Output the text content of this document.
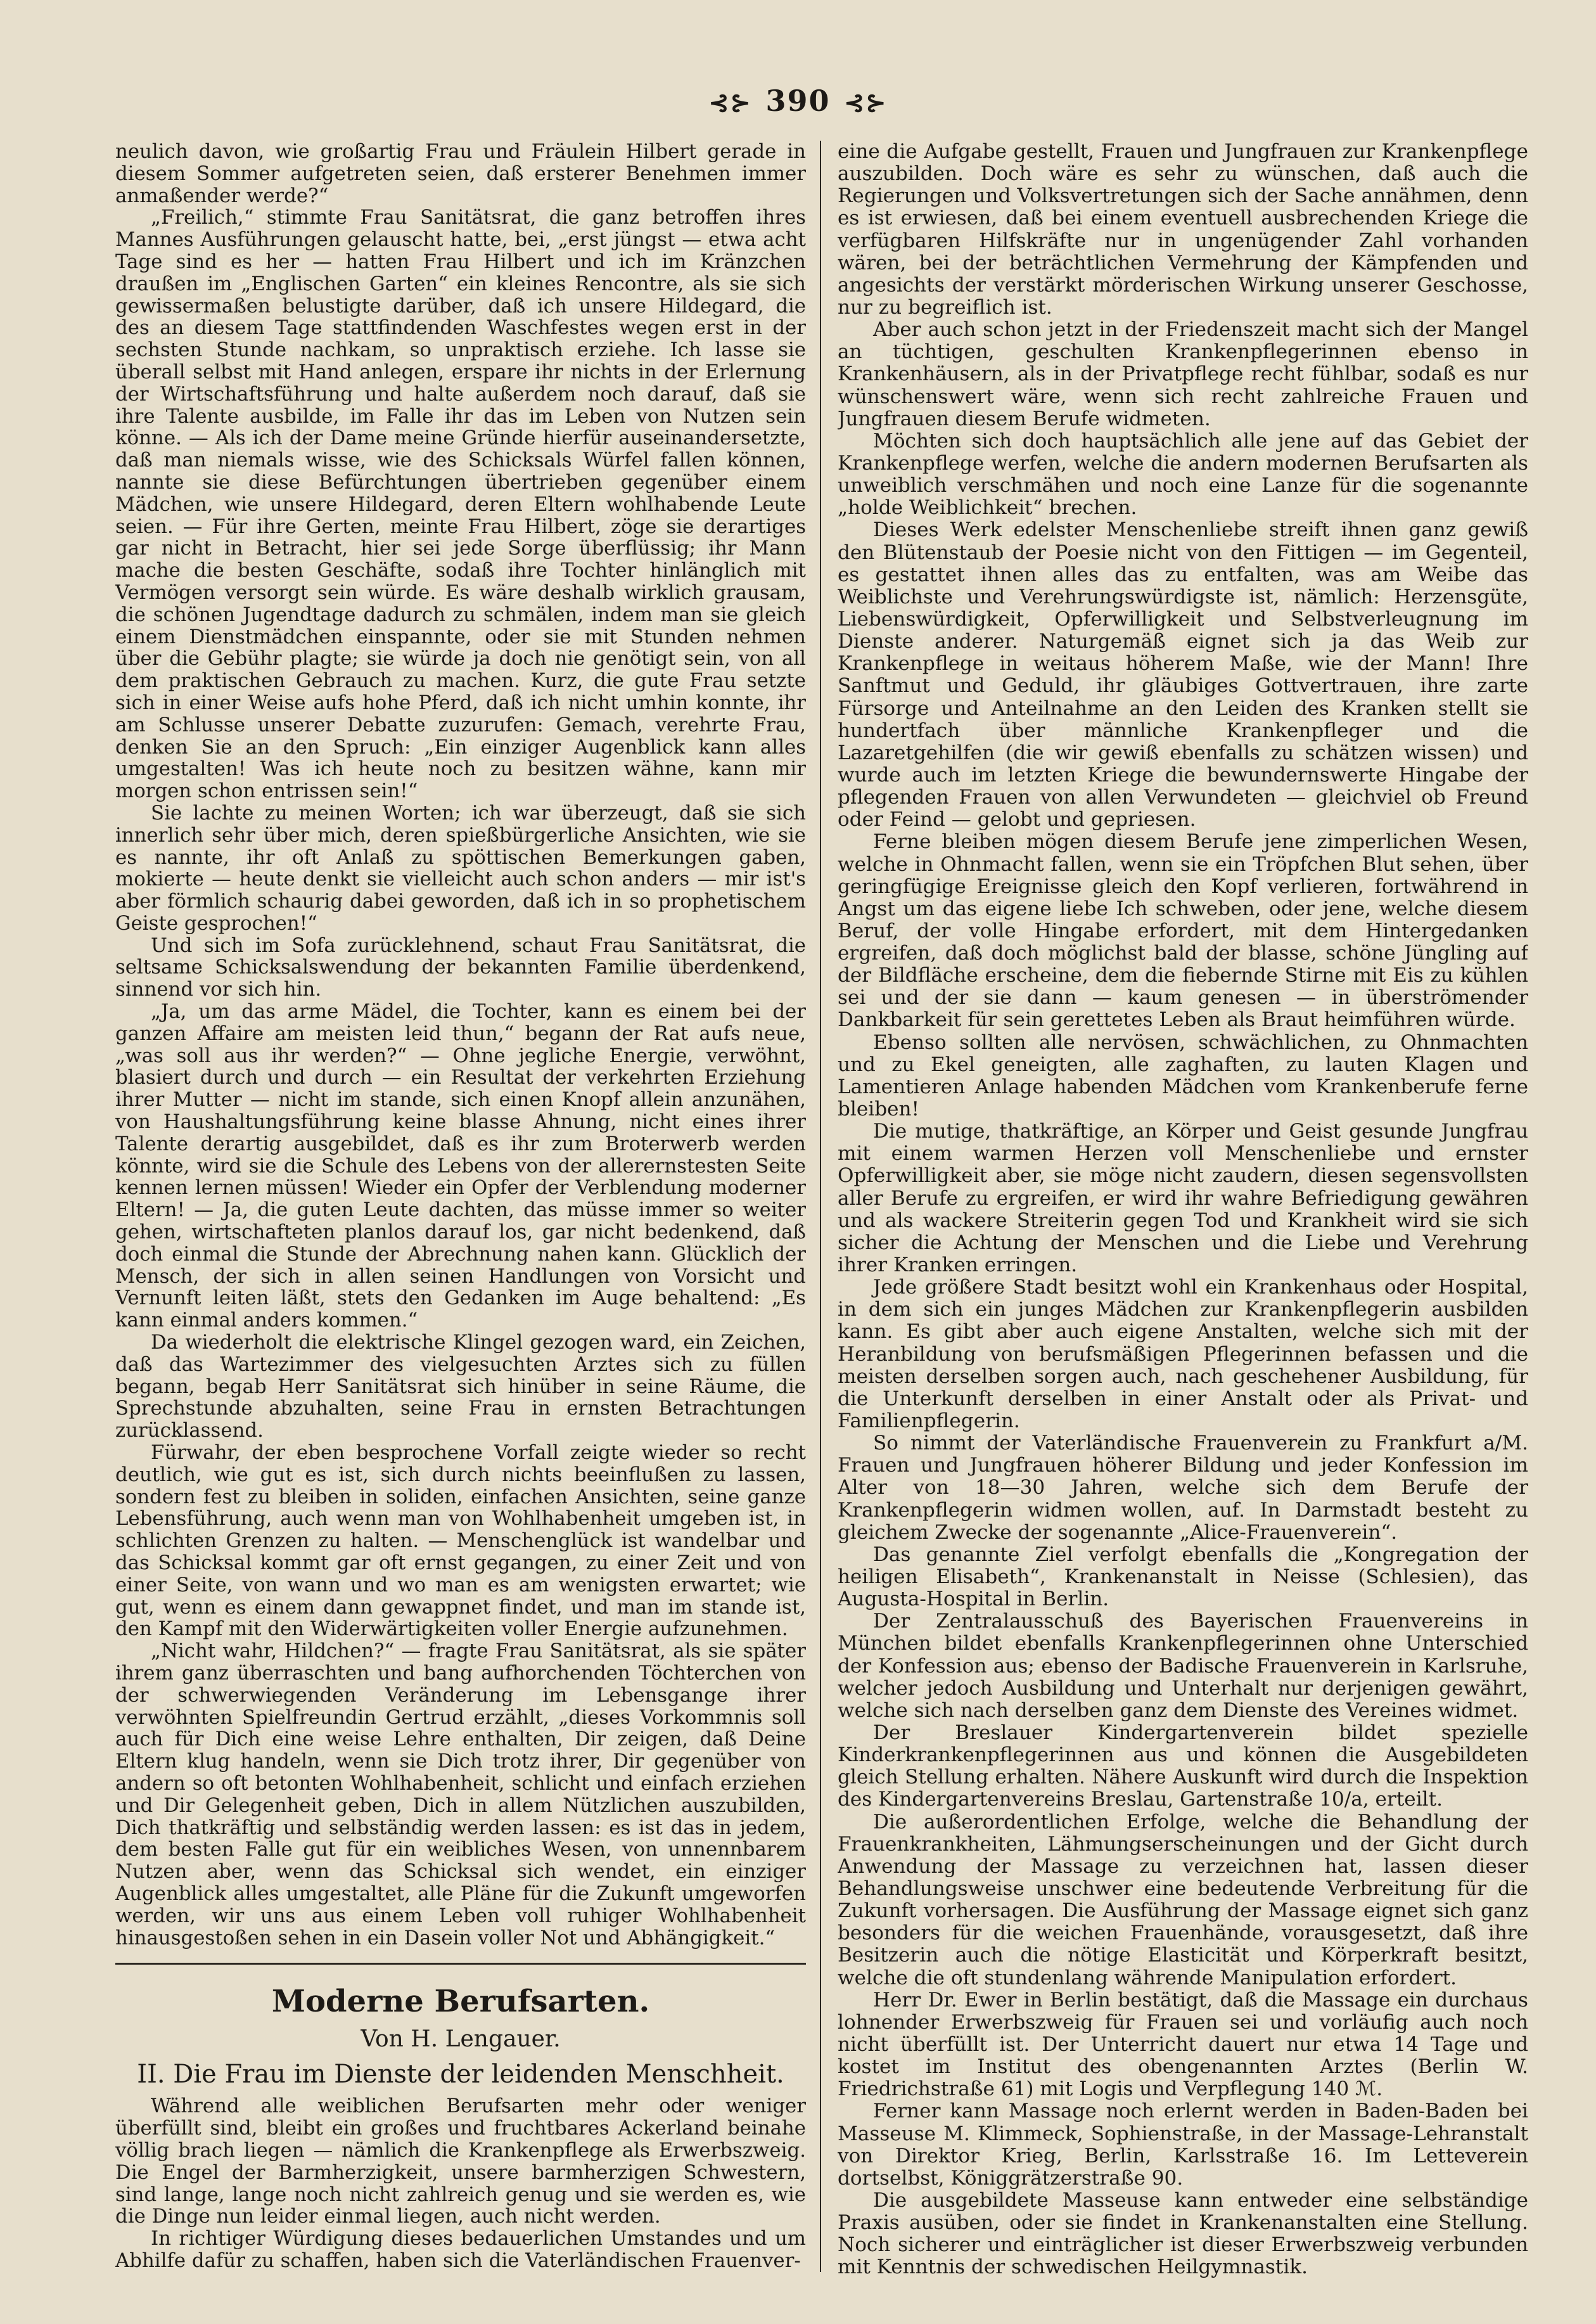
⊰⊱ 390 ⊰⊱

neulich davon, wie großartig Frau und Fräulein Hilbert gerade in diesem Sommer aufgetreten seien, daß ersterer Benehmen immer anmaßender werde?“

„Freilich,“ stimmte Frau Sanitätsrat, die ganz betroffen ihres Mannes Ausführungen gelauscht hatte, bei, „erst jüngst — etwa acht Tage sind es her — hatten Frau Hilbert und ich im Kränzchen draußen im „Englischen Garten“ ein kleines Rencontre, als sie sich gewissermaßen belustigte darüber, daß ich unsere Hildegard, die des an diesem Tage stattfindenden Waschfestes wegen erst in der sechsten Stunde nachkam, so unpraktisch erziehe. Ich lasse sie überall selbst mit Hand anlegen, erspare ihr nichts in der Erlernung der Wirtschaftsführung und halte außerdem noch darauf, daß sie ihre Talente ausbilde, im Falle ihr das im Leben von Nutzen sein könne. — Als ich der Dame meine Gründe hierfür auseinandersetzte, daß man niemals wisse, wie des Schicksals Würfel fallen können, nannte sie diese Befürchtungen übertrieben gegenüber einem Mädchen, wie unsere Hildegard, deren Eltern wohlhabende Leute seien. — Für ihre Gerten, meinte Frau Hilbert, zöge sie derartiges gar nicht in Betracht, hier sei jede Sorge überflüssig; ihr Mann mache die besten Geschäfte, sodaß ihre Tochter hinlänglich mit Vermögen versorgt sein würde. Es wäre deshalb wirklich grausam, die schönen Jugendtage dadurch zu schmälen, indem man sie gleich einem Dienstmädchen einspannte, oder sie mit Stunden nehmen über die Gebühr plagte; sie würde ja doch nie genötigt sein, von all dem praktischen Gebrauch zu machen. Kurz, die gute Frau setzte sich in einer Weise aufs hohe Pferd, daß ich nicht umhin konnte, ihr am Schlusse unserer Debatte zuzurufen: Gemach, verehrte Frau, denken Sie an den Spruch: „Ein einziger Augenblick kann alles umgestalten! Was ich heute noch zu besitzen wähne, kann mir morgen schon entrissen sein!“

Sie lachte zu meinen Worten; ich war überzeugt, daß sie sich innerlich sehr über mich, deren spießbürgerliche Ansichten, wie sie es nannte, ihr oft Anlaß zu spöttischen Bemerkungen gaben, mokierte — heute denkt sie vielleicht auch schon anders — mir ist's aber förmlich schaurig dabei geworden, daß ich in so prophetischem Geiste gesprochen!“

Und sich im Sofa zurücklehnend, schaut Frau Sanitätsrat, die seltsame Schicksalswendung der bekannten Familie überdenkend, sinnend vor sich hin.

„Ja, um das arme Mädel, die Tochter, kann es einem bei der ganzen Affaire am meisten leid thun,“ begann der Rat aufs neue, „was soll aus ihr werden?“ — Ohne jegliche Energie, verwöhnt, blasiert durch und durch — ein Resultat der verkehrten Erziehung ihrer Mutter — nicht im stande, sich einen Knopf allein anzunähen, von Haushaltungsführung keine blasse Ahnung, nicht eines ihrer Talente derartig ausgebildet, daß es ihr zum Broterwerb werden könnte, wird sie die Schule des Lebens von der allerernstesten Seite kennen lernen müssen! Wieder ein Opfer der Verblendung moderner Eltern! — Ja, die guten Leute dachten, das müsse immer so weiter gehen, wirtschafteten planlos darauf los, gar nicht bedenkend, daß doch einmal die Stunde der Abrechnung nahen kann. Glücklich der Mensch, der sich in allen seinen Handlungen von Vorsicht und Vernunft leiten läßt, stets den Gedanken im Auge behaltend: „Es kann einmal anders kommen.“

Da wiederholt die elektrische Klingel gezogen ward, ein Zeichen, daß das Wartezimmer des vielgesuchten Arztes sich zu füllen begann, begab Herr Sanitätsrat sich hinüber in seine Räume, die Sprechstunde abzuhalten, seine Frau in ernsten Betrachtungen zurücklassend.

Fürwahr, der eben besprochene Vorfall zeigte wieder so recht deutlich, wie gut es ist, sich durch nichts beeinflußen zu lassen, sondern fest zu bleiben in soliden, einfachen Ansichten, seine ganze Lebensführung, auch wenn man von Wohlhabenheit umgeben ist, in schlichten Grenzen zu halten. — Menschenglück ist wandelbar und das Schicksal kommt gar oft ernst gegangen, zu einer Zeit und von einer Seite, von wann und wo man es am wenigsten erwartet; wie gut, wenn es einem dann gewappnet findet, und man im stande ist, den Kampf mit den Widerwärtigkeiten voller Energie aufzunehmen.

„Nicht wahr, Hildchen?“ — fragte Frau Sanitätsrat, als sie später ihrem ganz überraschten und bang aufhorchenden Töchterchen von der schwerwiegenden Veränderung im Lebensgange ihrer verwöhnten Spielfreundin Gertrud erzählt, „dieses Vorkommnis soll auch für Dich eine weise Lehre enthalten, Dir zeigen, daß Deine Eltern klug handeln, wenn sie Dich trotz ihrer, Dir gegenüber von andern so oft betonten Wohlhabenheit, schlicht und einfach erziehen und Dir Gelegenheit geben, Dich in allem Nützlichen auszubilden, Dich thatkräftig und selbständig werden lassen: es ist das in jedem, dem besten Falle gut für ein weibliches Wesen, von unnennbarem Nutzen aber, wenn das Schicksal sich wendet, ein einziger Augenblick alles umgestaltet, alle Pläne für die Zukunft umgeworfen werden, wir uns aus einem Leben voll ruhiger Wohlhabenheit hinausgestoßen sehen in ein Dasein voller Not und Abhängigkeit.“

Moderne Berufsarten.
Von H. Lengauer.
II. Die Frau im Dienste der leidenden Menschheit.

Während alle weiblichen Berufsarten mehr oder weniger überfüllt sind, bleibt ein großes und fruchtbares Ackerland beinahe völlig brach liegen — nämlich die Krankenpflege als Erwerbszweig. Die Engel der Barmherzigkeit, unsere barmherzigen Schwestern, sind lange, lange noch nicht zahlreich genug und sie werden es, wie die Dinge nun leider einmal liegen, auch nicht werden.

In richtiger Würdigung dieses bedauerlichen Umstandes und um Abhilfe dafür zu schaffen, haben sich die Vaterländischen Frauenver-

eine die Aufgabe gestellt, Frauen und Jungfrauen zur Krankenpflege auszubilden. Doch wäre es sehr zu wünschen, daß auch die Regierungen und Volksvertretungen sich der Sache annähmen, denn es ist erwiesen, daß bei einem eventuell ausbrechenden Kriege die verfügbaren Hilfskräfte nur in ungenügender Zahl vorhanden wären, bei der beträchtlichen Vermehrung der Kämpfenden und angesichts der verstärkt mörderischen Wirkung unserer Geschosse, nur zu begreiflich ist.

Aber auch schon jetzt in der Friedenszeit macht sich der Mangel an tüchtigen, geschulten Krankenpflegerinnen ebenso in Krankenhäusern, als in der Privatpflege recht fühlbar, sodaß es nur wünschenswert wäre, wenn sich recht zahlreiche Frauen und Jungfrauen diesem Berufe widmeten.

Möchten sich doch hauptsächlich alle jene auf das Gebiet der Krankenpflege werfen, welche die andern modernen Berufsarten als unweiblich verschmähen und noch eine Lanze für die sogenannte „holde Weiblichkeit“ brechen.

Dieses Werk edelster Menschenliebe streift ihnen ganz gewiß den Blütenstaub der Poesie nicht von den Fittigen — im Gegenteil, es gestattet ihnen alles das zu entfalten, was am Weibe das Weiblichste und Verehrungswürdigste ist, nämlich: Herzensgüte, Liebenswürdigkeit, Opferwilligkeit und Selbstverleugnung im Dienste anderer. Naturgemäß eignet sich ja das Weib zur Krankenpflege in weitaus höherem Maße, wie der Mann! Ihre Sanftmut und Geduld, ihr gläubiges Gottvertrauen, ihre zarte Fürsorge und Anteilnahme an den Leiden des Kranken stellt sie hundertfach über männliche Krankenpfleger und die Lazaretgehilfen (die wir gewiß ebenfalls zu schätzen wissen) und wurde auch im letzten Kriege die bewundernswerte Hingabe der pflegenden Frauen von allen Verwundeten — gleichviel ob Freund oder Feind — gelobt und gepriesen.

Ferne bleiben mögen diesem Berufe jene zimperlichen Wesen, welche in Ohnmacht fallen, wenn sie ein Tröpfchen Blut sehen, über geringfügige Ereignisse gleich den Kopf verlieren, fortwährend in Angst um das eigene liebe Ich schweben, oder jene, welche diesem Beruf, der volle Hingabe erfordert, mit dem Hintergedanken ergreifen, daß doch möglichst bald der blasse, schöne Jüngling auf der Bildfläche erscheine, dem die fiebernde Stirne mit Eis zu kühlen sei und der sie dann — kaum genesen — in überströmender Dankbarkeit für sein gerettetes Leben als Braut heimführen würde.

Ebenso sollten alle nervösen, schwächlichen, zu Ohnmachten und zu Ekel geneigten, alle zaghaften, zu lauten Klagen und Lamentieren Anlage habenden Mädchen vom Krankenberufe ferne bleiben!

Die mutige, thatkräftige, an Körper und Geist gesunde Jungfrau mit einem warmen Herzen voll Menschenliebe und ernster Opferwilligkeit aber, sie möge nicht zaudern, diesen segensvollsten aller Berufe zu ergreifen, er wird ihr wahre Befriedigung gewähren und als wackere Streiterin gegen Tod und Krankheit wird sie sich sicher die Achtung der Menschen und die Liebe und Verehrung ihrer Kranken erringen.

Jede größere Stadt besitzt wohl ein Krankenhaus oder Hospital, in dem sich ein junges Mädchen zur Krankenpflegerin ausbilden kann. Es gibt aber auch eigene Anstalten, welche sich mit der Heranbildung von berufsmäßigen Pflegerinnen befassen und die meisten derselben sorgen auch, nach geschehener Ausbildung, für die Unterkunft derselben in einer Anstalt oder als Privat- und Familienpflegerin.

So nimmt der Vaterländische Frauenverein zu Frankfurt a/M. Frauen und Jungfrauen höherer Bildung und jeder Konfession im Alter von 18—30 Jahren, welche sich dem Berufe der Krankenpflegerin widmen wollen, auf. In Darmstadt besteht zu gleichem Zwecke der sogenannte „Alice-Frauenverein“.

Das genannte Ziel verfolgt ebenfalls die „Kongregation der heiligen Elisabeth“, Krankenanstalt in Neisse (Schlesien), das Augusta-Hospital in Berlin.

Der Zentralausschuß des Bayerischen Frauenvereins in München bildet ebenfalls Krankenpflegerinnen ohne Unterschied der Konfession aus; ebenso der Badische Frauenverein in Karlsruhe, welcher jedoch Ausbildung und Unterhalt nur derjenigen gewährt, welche sich nach derselben ganz dem Dienste des Vereines widmet.

Der Breslauer Kindergartenverein bildet spezielle Kinderkrankenpflegerinnen aus und können die Ausgebildeten gleich Stellung erhalten. Nähere Auskunft wird durch die Inspektion des Kindergartenvereins Breslau, Gartenstraße 10/a, erteilt.

Die außerordentlichen Erfolge, welche die Behandlung der Frauenkrankheiten, Lähmungserscheinungen und der Gicht durch Anwendung der Massage zu verzeichnen hat, lassen dieser Behandlungsweise unschwer eine bedeutende Verbreitung für die Zukunft vorhersagen. Die Ausführung der Massage eignet sich ganz besonders für die weichen Frauenhände, vorausgesetzt, daß ihre Besitzerin auch die nötige Elasticität und Körperkraft besitzt, welche die oft stundenlang währende Manipulation erfordert.

Herr Dr. Ewer in Berlin bestätigt, daß die Massage ein durchaus lohnender Erwerbszweig für Frauen sei und vorläufig auch noch nicht überfüllt ist. Der Unterricht dauert nur etwa 14 Tage und kostet im Institut des obengenannten Arztes (Berlin W. Friedrichstraße 61) mit Logis und Verpflegung 140 ℳ.

Ferner kann Massage noch erlernt werden in Baden-Baden bei Masseuse M. Klimmeck, Sophienstraße, in der Massage-Lehranstalt von Direktor Krieg, Berlin, Karlsstraße 16. Im Letteverein dortselbst, Königgrätzerstraße 90.

Die ausgebildete Masseuse kann entweder eine selbständige Praxis ausüben, oder sie findet in Krankenanstalten eine Stellung. Noch sicherer und einträglicher ist dieser Erwerbszweig verbunden mit Kenntnis der schwedischen Heilgymnastik.
